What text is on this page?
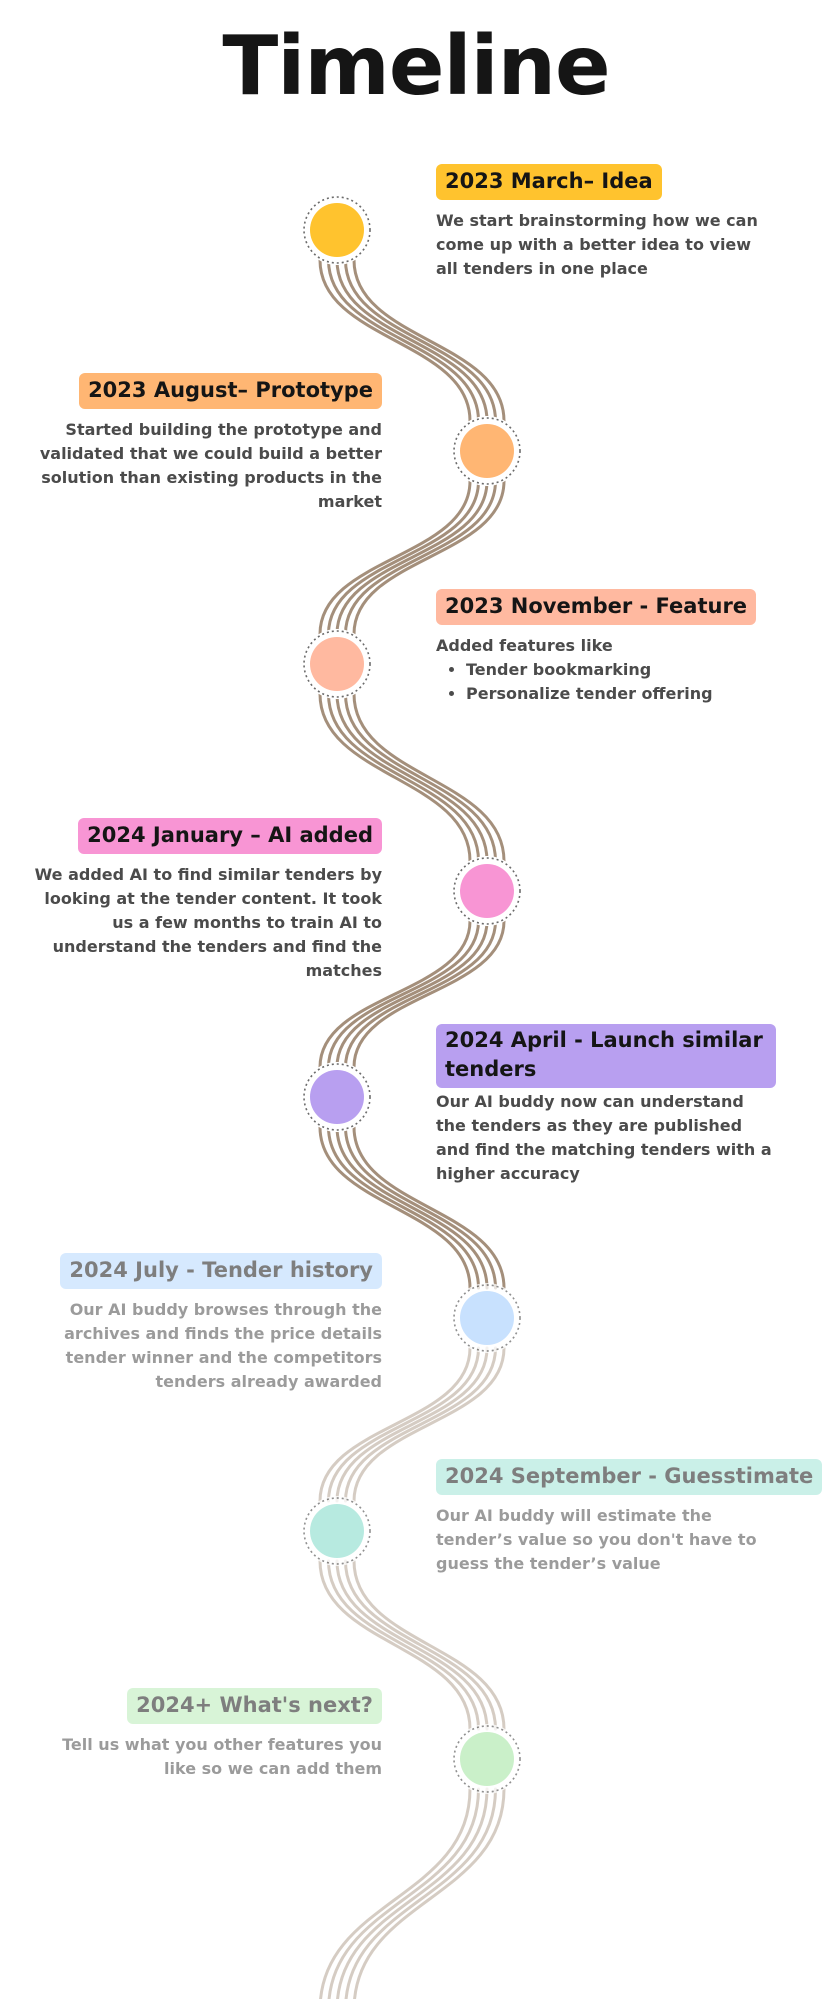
Timeline
2023 March– Idea
We start brainstorming how we can come up with a better idea to view all tenders in one place
2023 August– Prototype
Started building the prototype and validated that we could build a better solution than existing products in the market
2023 November - Feature
Added features like
• Tender bookmarking
• Personalize tender offering
2024 January – AI added
We added AI to find similar tenders by looking at the tender content. It took us a few months to train AI to understand the tenders and find the matches
2024 April - Launch similar tenders
Our AI buddy now can understand the tenders as they are published and find the matching tenders with a higher accuracy
2024 July - Tender history
Our AI buddy browses through the archives and finds the price details tender winner and the competitors tenders already awarded
2024 September - Guesstimate
Our AI buddy will estimate the tender’s value so you don't have to guess the tender’s value
2024+ What's next?
Tell us what you other features you like so we can add them
